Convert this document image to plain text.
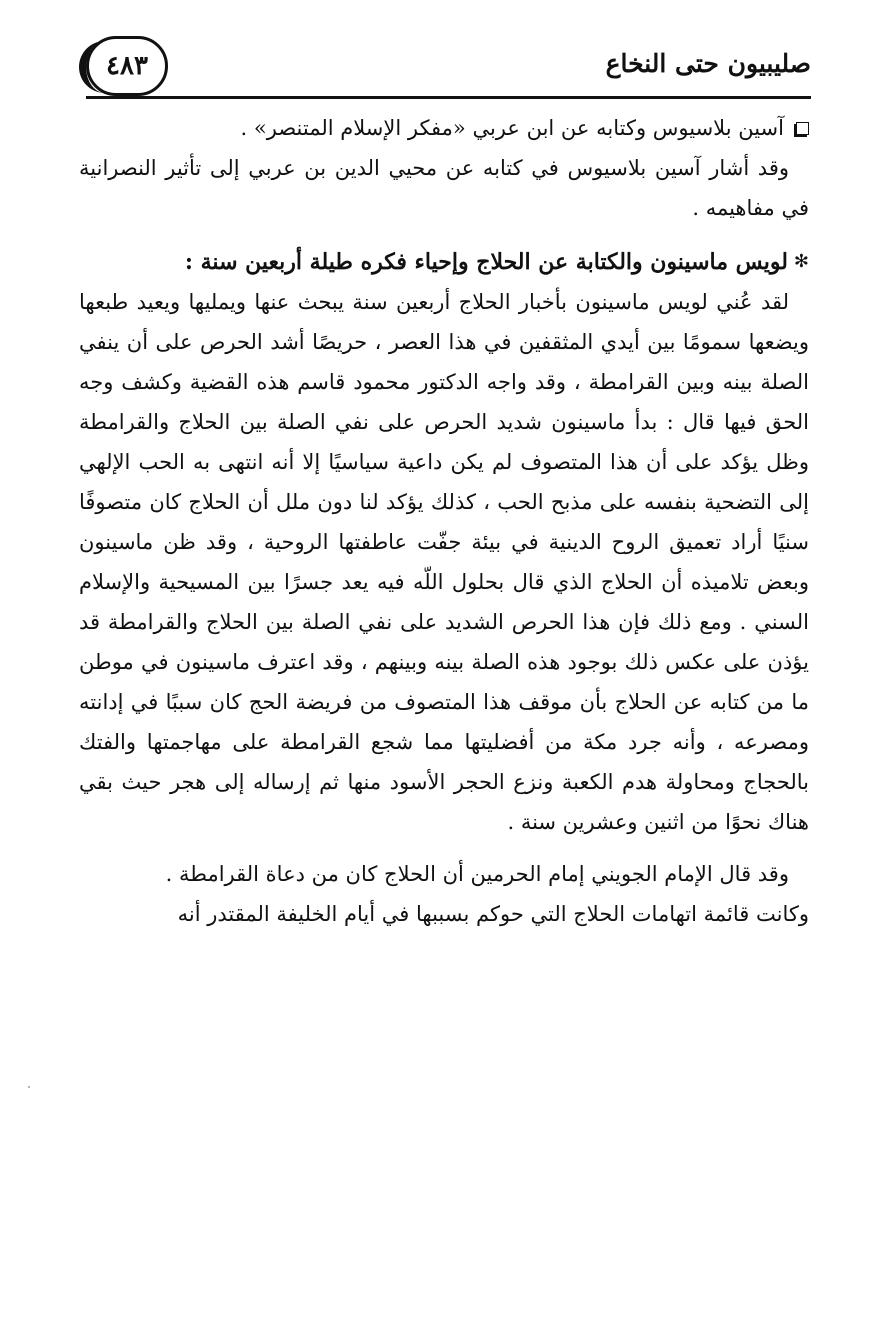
صليبيون حتى النخاع
٤٨٣

آسين بلاسيوس وكتابه عن ابن عربي «مفكر الإسلام المتنصر» .

وقد أشار آسين بلاسيوس في كتابه عن محيي الدين بن عربي إلى تأثير النصرانية في مفاهيمه .

✻
لويس ماسينون والكتابة عن الحلاج وإحياء فكره طيلة أربعين سنة :

لقد عُني لويس ماسينون بأخبار الحلاج أربعين سنة يبحث عنها ويمليها ويعيد طبعها ويضعها سمومًا بين أيدي المثقفين في هذا العصر ، حريصًا أشد الحرص على أن ينفي الصلة بينه وبين القرامطة ، وقد واجه الدكتور محمود قاسم هذه القضية وكشف وجه الحق فيها قال : بدأ ماسينون شديد الحرص على نفي الصلة بين الحلاج والقرامطة وظل يؤكد على أن هذا المتصوف لم يكن داعية سياسيًا إلا أنه انتهى به الحب الإلهي إلى التضحية بنفسه على مذبح الحب ، كذلك يؤكد لنا دون ملل أن الحلاج كان متصوفًا سنيًا أراد تعميق الروح الدينية في بيئة جفّت عاطفتها الروحية ، وقد ظن ماسينون وبعض تلاميذه أن الحلاج الذي قال بحلول اللّه فيه يعد جسرًا بين المسيحية والإسلام السني . ومع ذلك فإن هذا الحرص الشديد على نفي الصلة بين الحلاج والقرامطة قد يؤذن على عكس ذلك بوجود هذه الصلة بينه وبينهم ، وقد اعترف ماسينون في موطن ما من كتابه عن الحلاج بأن موقف هذا المتصوف من فريضة الحج كان سببًا في إدانته ومصرعه ، وأنه جرد مكة من أفضليتها مما شجع القرامطة على مهاجمتها والفتك بالحجاج ومحاولة هدم الكعبة ونزع الحجر الأسود منها ثم إرساله إلى هجر حيث بقي هناك نحوًا من اثنين وعشرين سنة .

وقد قال الإمام الجويني إمام الحرمين أن الحلاج كان من دعاة القرامطة .

وكانت قائمة اتهامات الحلاج التي حوكم بسببها في أيام الخليفة المقتدر أنه
